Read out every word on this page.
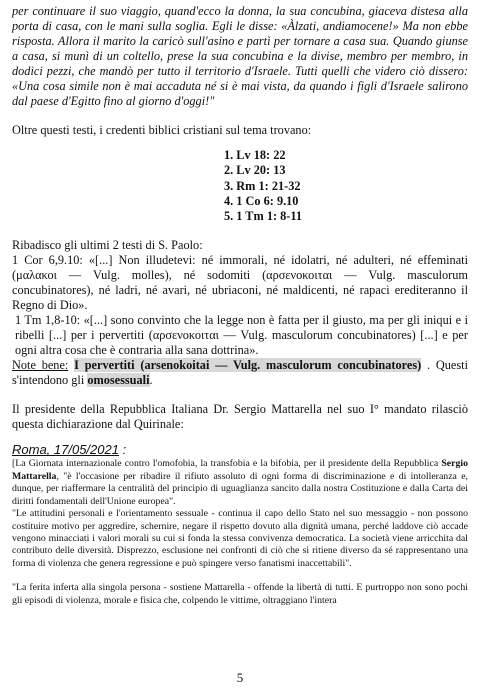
per continuare il suo viaggio, quand'ecco la donna, la sua concubina, giaceva distesa alla porta di casa, con le mani sulla soglia. Egli le disse: «Àlzati, andiamocene!» Ma non ebbe risposta. Allora il marito la caricò sull'asino e partì per tornare a casa sua. Quando giunse a casa, si munì di un coltello, prese la sua concubina e la divise, membro per membro, in dodici pezzi, che mandò per tutto il territorio d'Israele. Tutti quelli che videro ciò dissero: «Una cosa simile non è mai accaduta né si è mai vista, da quando i figli d'Israele salirono dal paese d'Egitto fino al giorno d'oggi!"

Oltre questi testi, i credenti biblici cristiani sul tema trovano:

1. Lv 18: 22
2. Lv 20: 13
3. Rm 1: 21-32
4. 1 Co 6: 9.10
5. 1 Tm 1: 8-11

Ribadisco gli ultimi 2 testi di S. Paolo:

1 Cor 6,9.10: «[...] Non illudetevi: né immorali, né idolatri, né adulteri, né effeminati (μαλακοι — Vulg. molles), né sodomiti (αρσενοκοιται — Vulg. masculorum concubinatores), né ladri, né avari, né ubriaconi, né maldicenti, né rapaci erediteranno il Regno di Dio».

1 Tm 1,8-10: «[...] sono convinto che la legge non è fatta per il giusto, ma per gli iniqui e i ribelli [...] per i pervertiti (αρσενοκοιται — Vulg. masculorum concubinatores) [...] e per ogni altra cosa che è contraria alla sana dottrina».

Note bene: I pervertiti (arsenokoitai — Vulg. masculorum concubinatores) . Questi s'intendono gli omosessuali.

Il presidente della Repubblica Italiana Dr. Sergio Mattarella nel suo I° mandato rilasciò questa dichiarazione dal Quirinale:

Roma, 17/05/2021 :

[La Giornata internazionale contro l'omofobia, la transfobia e la bifobia, per il presidente della Repubblica Sergio Mattarella, "è l'occasione per ribadire il rifiuto assoluto di ogni forma di discriminazione e di intolleranza e, dunque, per riaffermare la centralità del principio di uguaglianza sancito dalla nostra Costituzione e dalla Carta dei diritti fondamentali dell'Unione europea".

"Le attitudini personali e l'orientamento sessuale - continua il capo dello Stato nel suo messaggio - non possono costituire motivo per aggredire, schernire, negare il rispetto dovuto alla dignità umana, perché laddove ciò accade vengono minacciati i valori morali su cui si fonda la stessa convivenza democratica. La società viene arricchita dal contributo delle diversità. Disprezzo, esclusione nei confronti di ciò che si ritiene diverso da sé rappresentano una forma di violenza che genera regressione e può spingere verso fanatismi inaccettabili".

"La ferita inferta alla singola persona - sostiene Mattarella - offende la libertà di tutti. E purtroppo non sono pochi gli episodi di violenza, morale e fisica che, colpendo le vittime, oltraggiano l'intera

5
